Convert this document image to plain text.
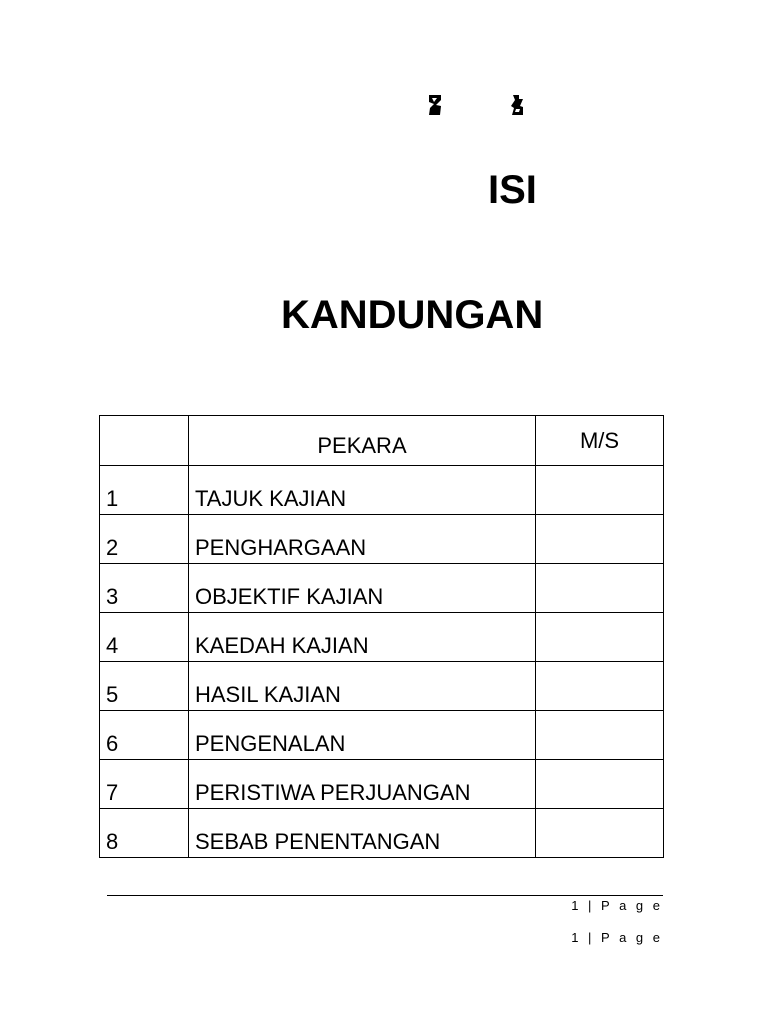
ISI
KANDUNGAN
	PEKARA	M/S
1	TAJUK KAJIAN	
2	PENGHARGAAN	
3	OBJEKTIF KAJIAN	
4	KAEDAH KAJIAN	
5	HASIL KAJIAN	
6	PENGENALAN	
7	PERISTIWA PERJUANGAN	
8	SEBAB PENENTANGAN	
1 | P a g e
1 | P a g e
